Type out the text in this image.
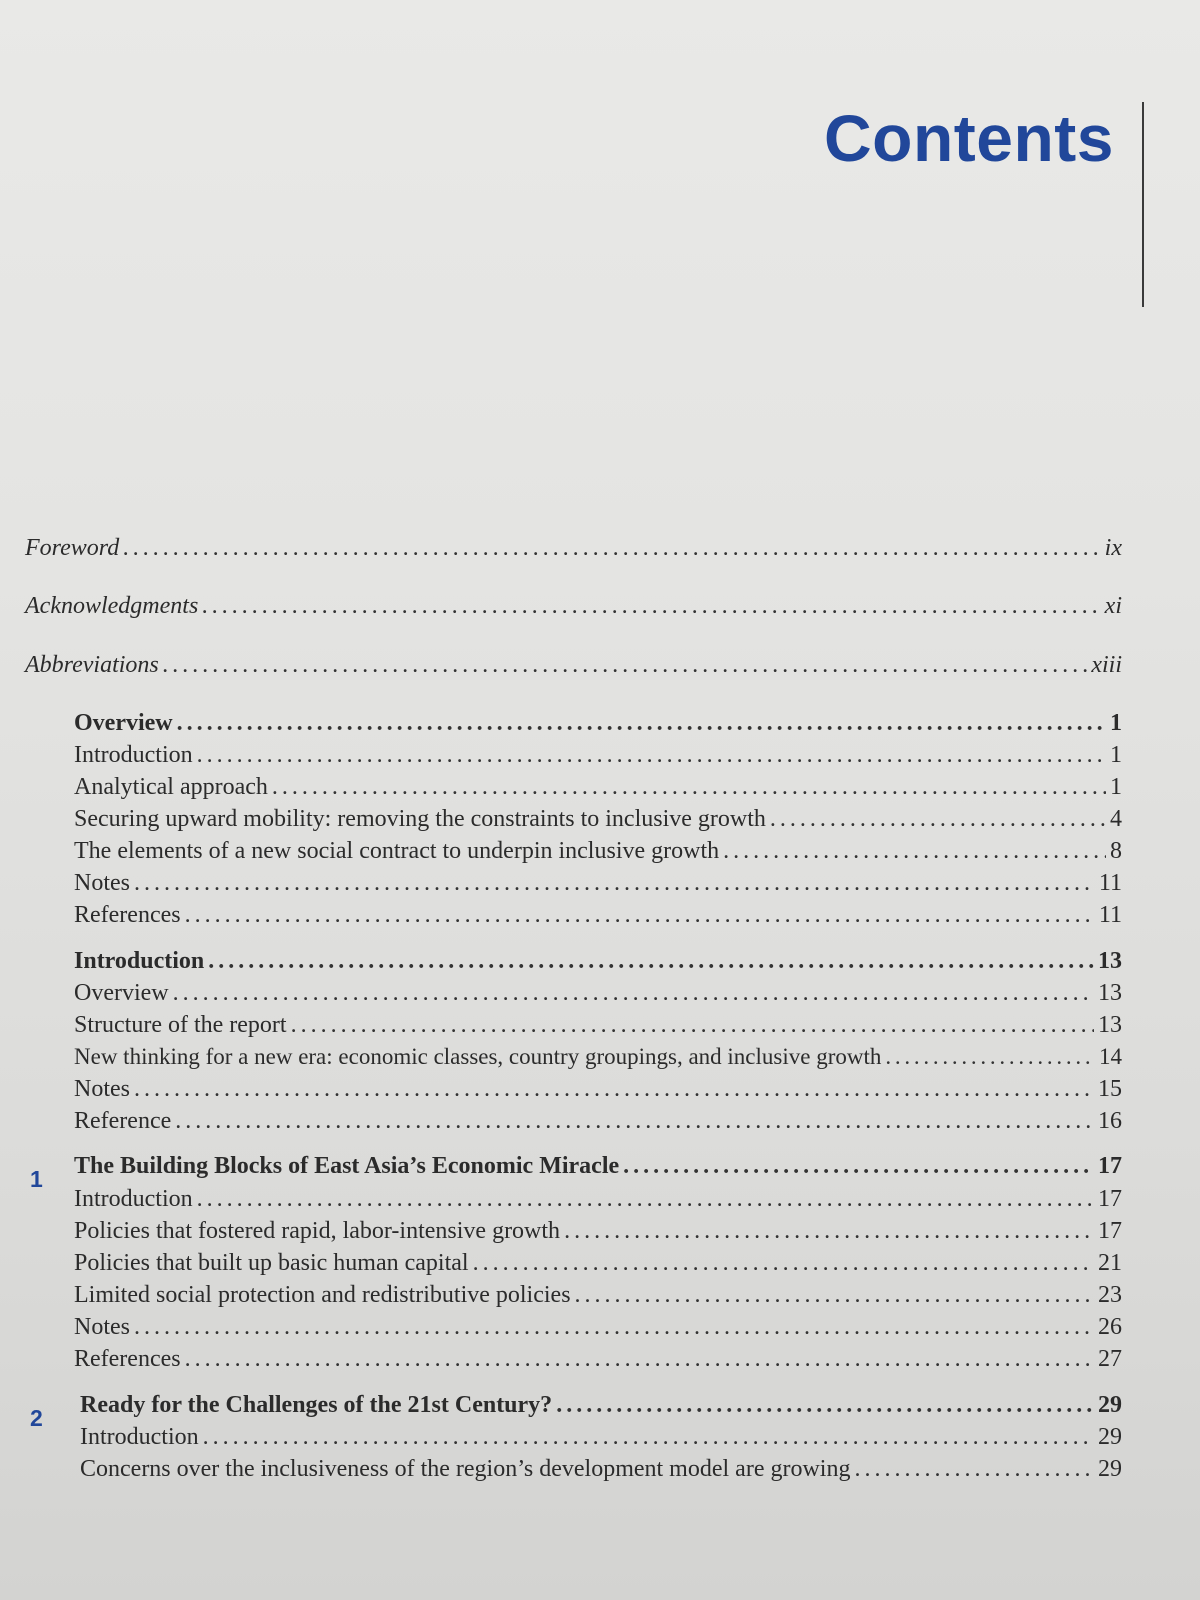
Contents
Foreword . . .	ix
Acknowledgments . . .	xi
Abbreviations . . .	xiii
Overview . . .	1
Introduction . . .	1
Analytical approach . . .	1
Securing upward mobility: removing the constraints to inclusive growth . . .	4
The elements of a new social contract to underpin inclusive growth . . .	8
Notes . . .	11
References . . .	11
Introduction . . .	13
Overview . . .	13
Structure of the report . . .	13
New thinking for a new era: economic classes, country groupings, and inclusive growth . . .	14
Notes . . .	15
Reference . . .	16
1 The Building Blocks of East Asia’s Economic Miracle . . .	17
Introduction . . .	17
Policies that fostered rapid, labor-intensive growth . . .	17
Policies that built up basic human capital . . .	21
Limited social protection and redistributive policies . . .	23
Notes . . .	26
References . . .	27
2 Ready for the Challenges of the 21st Century? . . .	29
Introduction . . .	29
Concerns over the inclusiveness of the region’s development model are growing . . .	29
